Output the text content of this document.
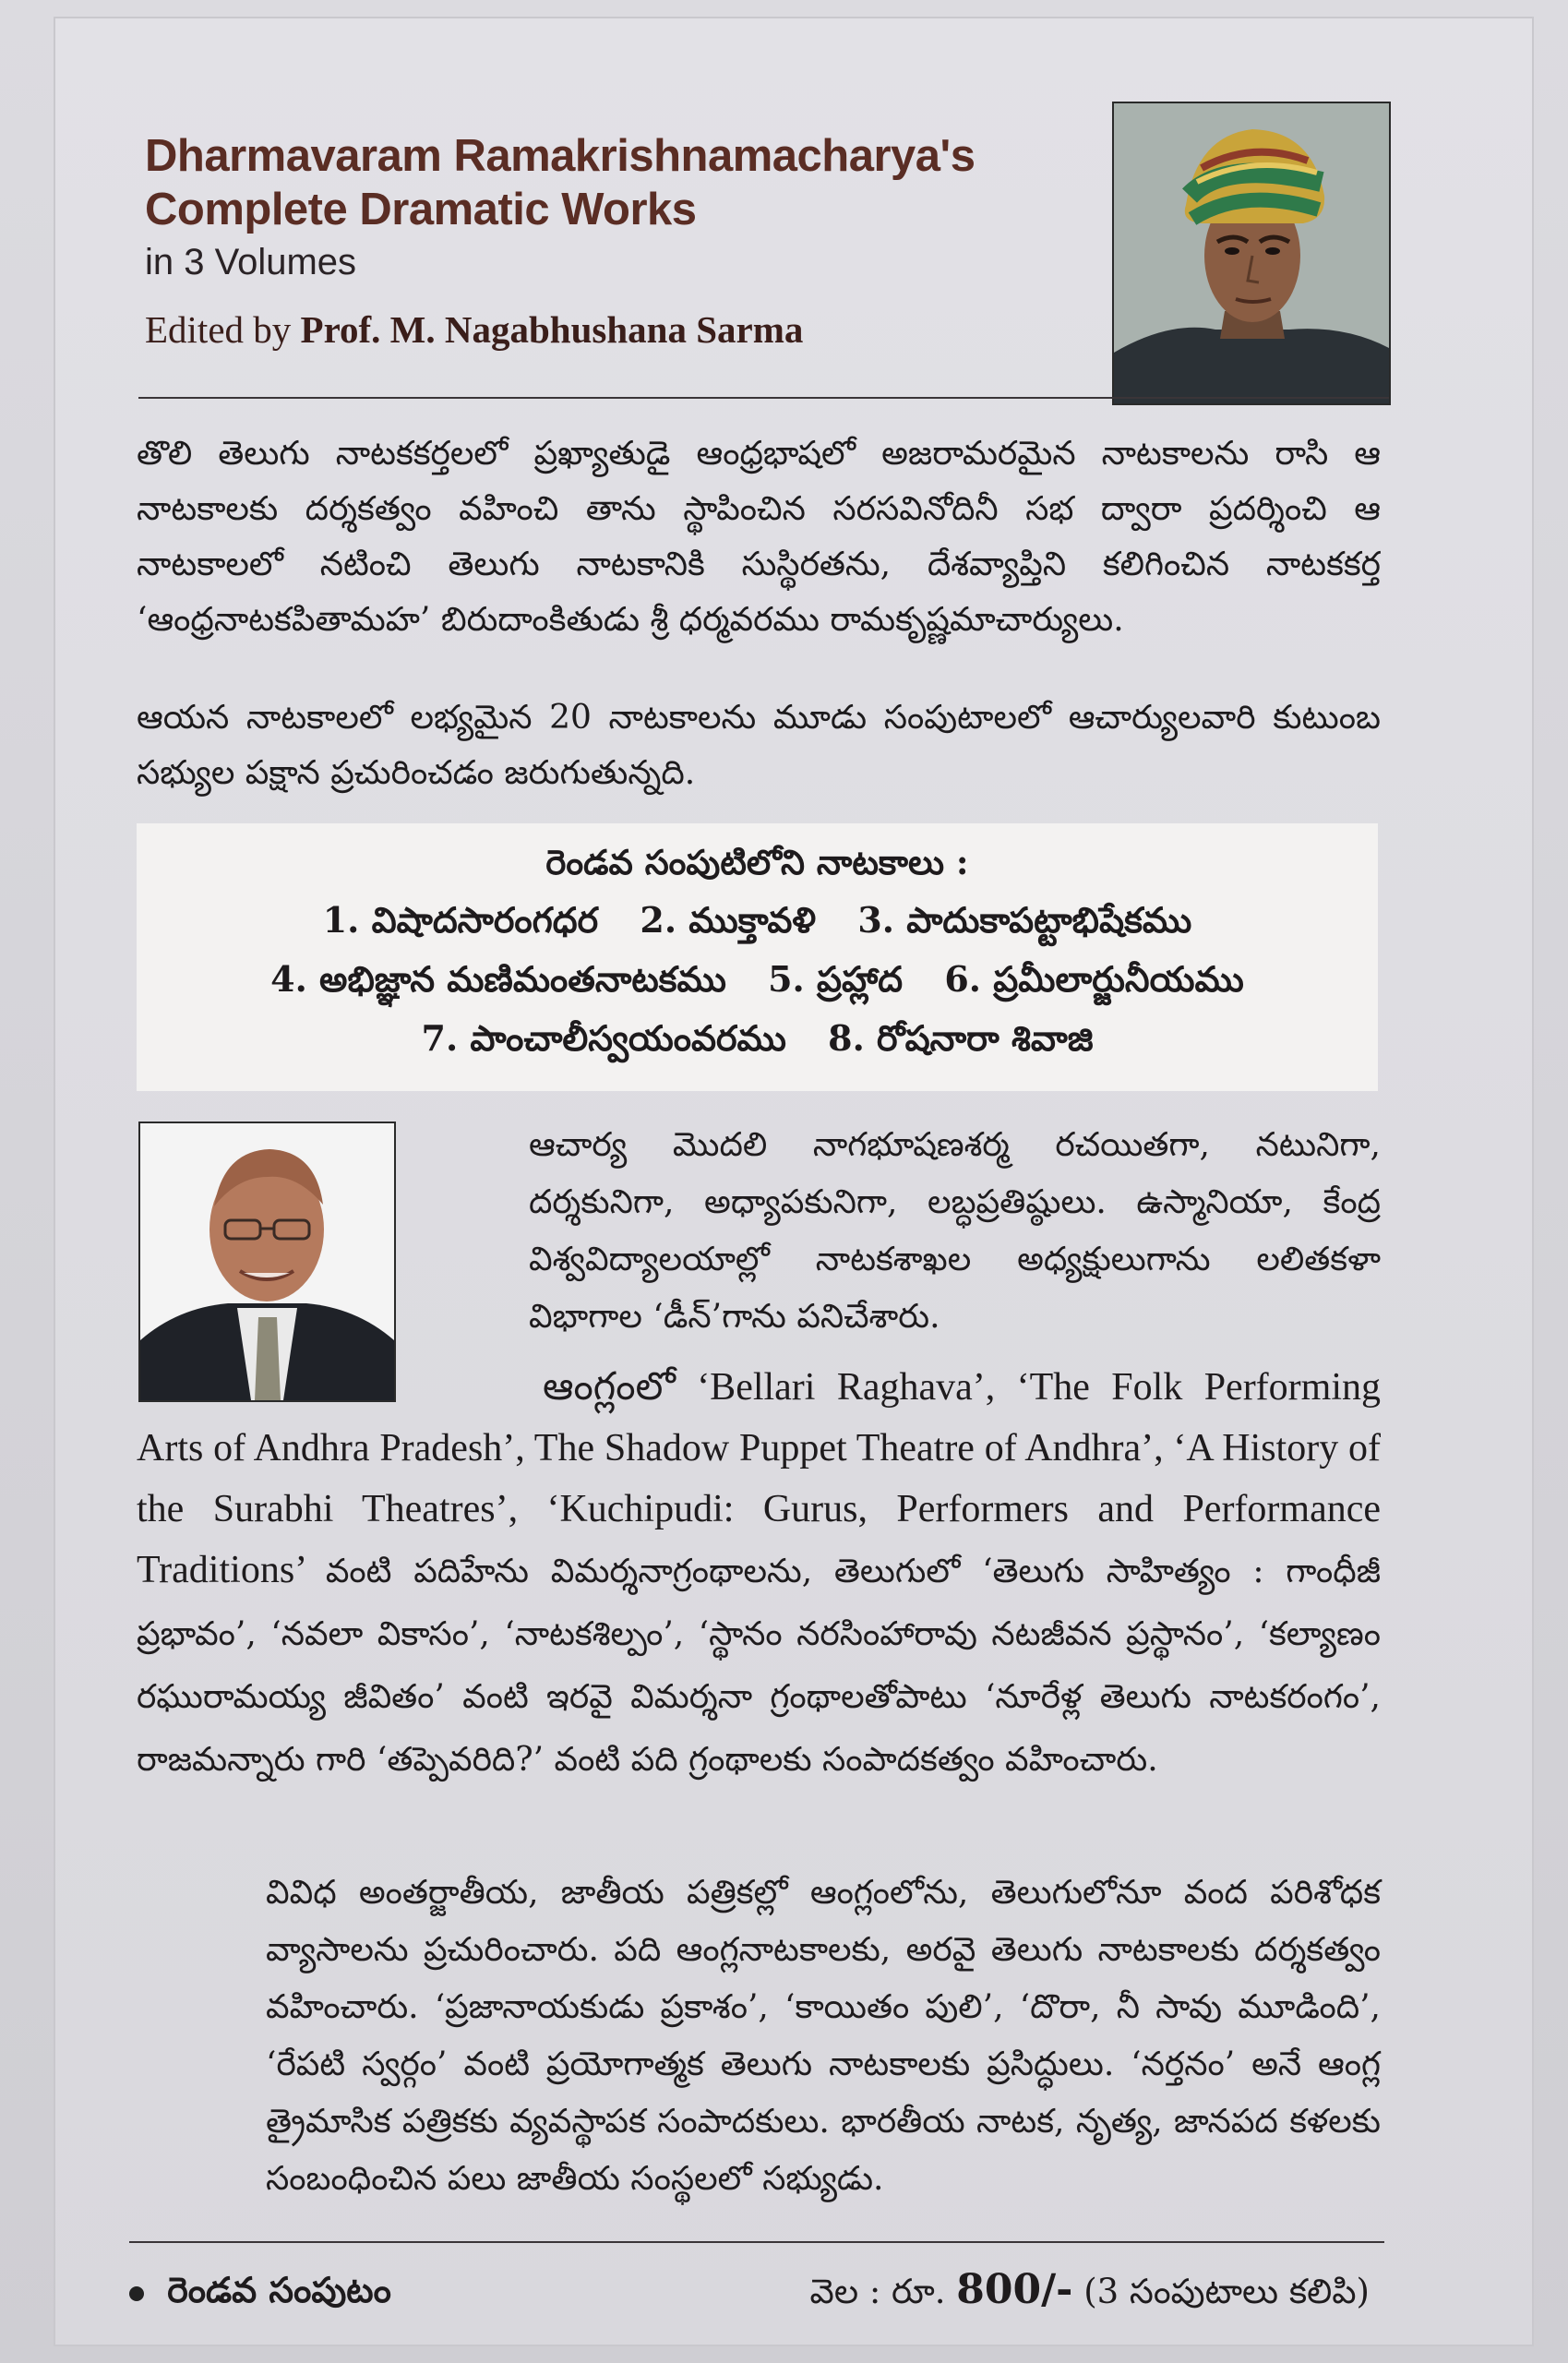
Dharmavaram Ramakrishnamacharya's
Complete Dramatic Works
in 3 Volumes
Edited by Prof. M. Nagabhushana Sarma

తొలి తెలుగు నాటకకర్తలలో ప్రఖ్యాతుడై ఆంధ్రభాషలో అజరామరమైన నాటకాలను రాసి ఆ నాటకాలకు దర్శకత్వం వహించి తాను స్థాపించిన సరసవినోదినీ సభ ద్వారా ప్రదర్శించి ఆ నాటకాలలో నటించి తెలుగు నాటకానికి సుస్థిరతను, దేశవ్యాప్తిని కలిగించిన నాటకకర్త ‘ఆంధ్రనాటకపితామహ’ బిరుదాంకితుడు శ్రీ ధర్మవరము రామకృష్ణమాచార్యులు.

ఆయన నాటకాలలో లభ్యమైన 20 నాటకాలను మూడు సంపుటాలలో ఆచార్యులవారి కుటుంబ సభ్యుల పక్షాన ప్రచురించడం జరుగుతున్నది.

రెండవ సంపుటిలోని నాటకాలు :
1. విషాదసారంగధర 2. ముక్తావళి 3. పాదుకాపట్టాభిషేకము
4. అభిజ్ఞాన మణిమంతనాటకము 5. ప్రహ్లాద 6. ప్రమీలార్జునీయము
7. పాంచాలీస్వయంవరము 8. రోషనారా శివాజి
ఆచార్య మొదలి నాగభూషణశర్మ రచయితగా, నటునిగా, దర్శకునిగా, అధ్యాపకునిగా, లబ్ధప్రతిష్ఠులు. ఉస్మానియా, కేంద్ర విశ్వవిద్యాలయాల్లో నాటకశాఖల అధ్యక్షులుగాను లలితకళా విభాగాల ‘డీన్’గాను పనిచేశారు.
ఆంగ్లంలో ‘Bellari Raghava’, ‘The Folk Performing Arts of Andhra Pradesh’, The Shadow Puppet Theatre of Andhra’, ‘A History of the Surabhi Theatres’, ‘Kuchipudi: Gurus, Performers and Performance Traditions’ వంటి పదిహేను విమర్శనాగ్రంథాలను, తెలుగులో ‘తెలుగు సాహిత్యం : గాంధీజీ ప్రభావం’, ‘నవలా వికాసం’, ‘నాటకశిల్పం’, ‘స్థానం నరసింహారావు నటజీవన ప్రస్థానం’, ‘కల్యాణం రఘురామయ్య జీవితం’ వంటి ఇరవై విమర్శనా గ్రంథాలతోపాటు ‘నూరేళ్ల తెలుగు నాటకరంగం’, రాజమన్నారు గారి ‘తప్పెవరిది?’ వంటి పది గ్రంథాలకు సంపాదకత్వం వహించారు.
వివిధ అంతర్జాతీయ, జాతీయ పత్రికల్లో ఆంగ్లంలోను, తెలుగులోనూ వంద పరిశోధక వ్యాసాలను ప్రచురించారు. పది ఆంగ్లనాటకాలకు, అరవై తెలుగు నాటకాలకు దర్శకత్వం వహించారు. ‘ప్రజానాయకుడు ప్రకాశం’, ‘కాయితం పులి’, ‘దొరా, నీ సావు మూడింది’, ‘రేపటి స్వర్గం’ వంటి ప్రయోగాత్మక తెలుగు నాటకాలకు ప్రసిద్ధులు. ‘నర్తనం’ అనే ఆంగ్ల త్రైమాసిక పత్రికకు వ్యవస్థాపక సంపాదకులు. భారతీయ నాటక, నృత్య, జానపద కళలకు సంబంధించిన పలు జాతీయ సంస్థలలో సభ్యుడు.
రెండవ సంపుటం	వెల : రూ. 800/- (3 సంపుటాలు కలిపి)
